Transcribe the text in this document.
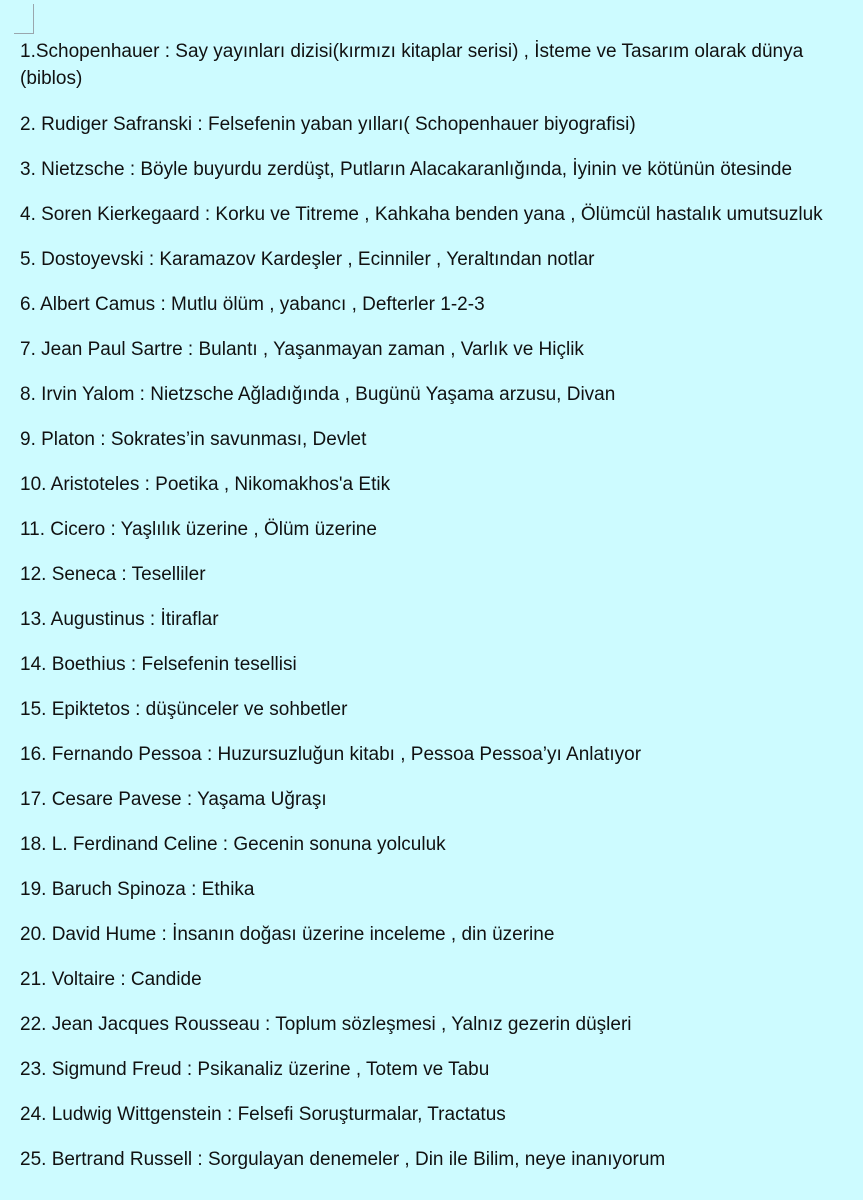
1.Schopenhauer : Say yayınları dizisi(kırmızı kitaplar serisi) , İsteme ve Tasarım olarak dünya (biblos)
2. Rudiger Safranski : Felsefenin yaban yılları( Schopenhauer biyografisi)
3. Nietzsche : Böyle buyurdu zerdüşt, Putların Alacakaranlığında, İyinin ve kötünün ötesinde
4. Soren Kierkegaard : Korku ve Titreme , Kahkaha benden yana , Ölümcül hastalık umutsuzluk
5. Dostoyevski : Karamazov Kardeşler , Ecinniler , Yeraltından notlar
6. Albert Camus : Mutlu ölüm , yabancı , Defterler 1-2-3
7. Jean Paul Sartre : Bulantı , Yaşanmayan zaman , Varlık ve Hiçlik
8. Irvin Yalom : Nietzsche Ağladığında , Bugünü Yaşama arzusu, Divan
9. Platon : Sokrates’in savunması, Devlet
10. Aristoteles : Poetika , Nikomakhos'a Etik
11. Cicero : Yaşlılık üzerine , Ölüm üzerine
12. Seneca : Teselliler
13. Augustinus : İtiraflar
14. Boethius : Felsefenin tesellisi
15. Epiktetos : düşünceler ve sohbetler
16. Fernando Pessoa : Huzursuzluğun kitabı , Pessoa Pessoa’yı Anlatıyor
17. Cesare Pavese : Yaşama Uğraşı
18. L. Ferdinand Celine : Gecenin sonuna yolculuk
19. Baruch Spinoza : Ethika
20. David Hume : İnsanın doğası üzerine inceleme , din üzerine
21. Voltaire : Candide
22. Jean Jacques Rousseau : Toplum sözleşmesi , Yalnız gezerin düşleri
23. Sigmund Freud : Psikanaliz üzerine , Totem ve Tabu
24. Ludwig Wittgenstein : Felsefi Soruşturmalar, Tractatus
25. Bertrand Russell : Sorgulayan denemeler , Din ile Bilim, neye inanıyorum
